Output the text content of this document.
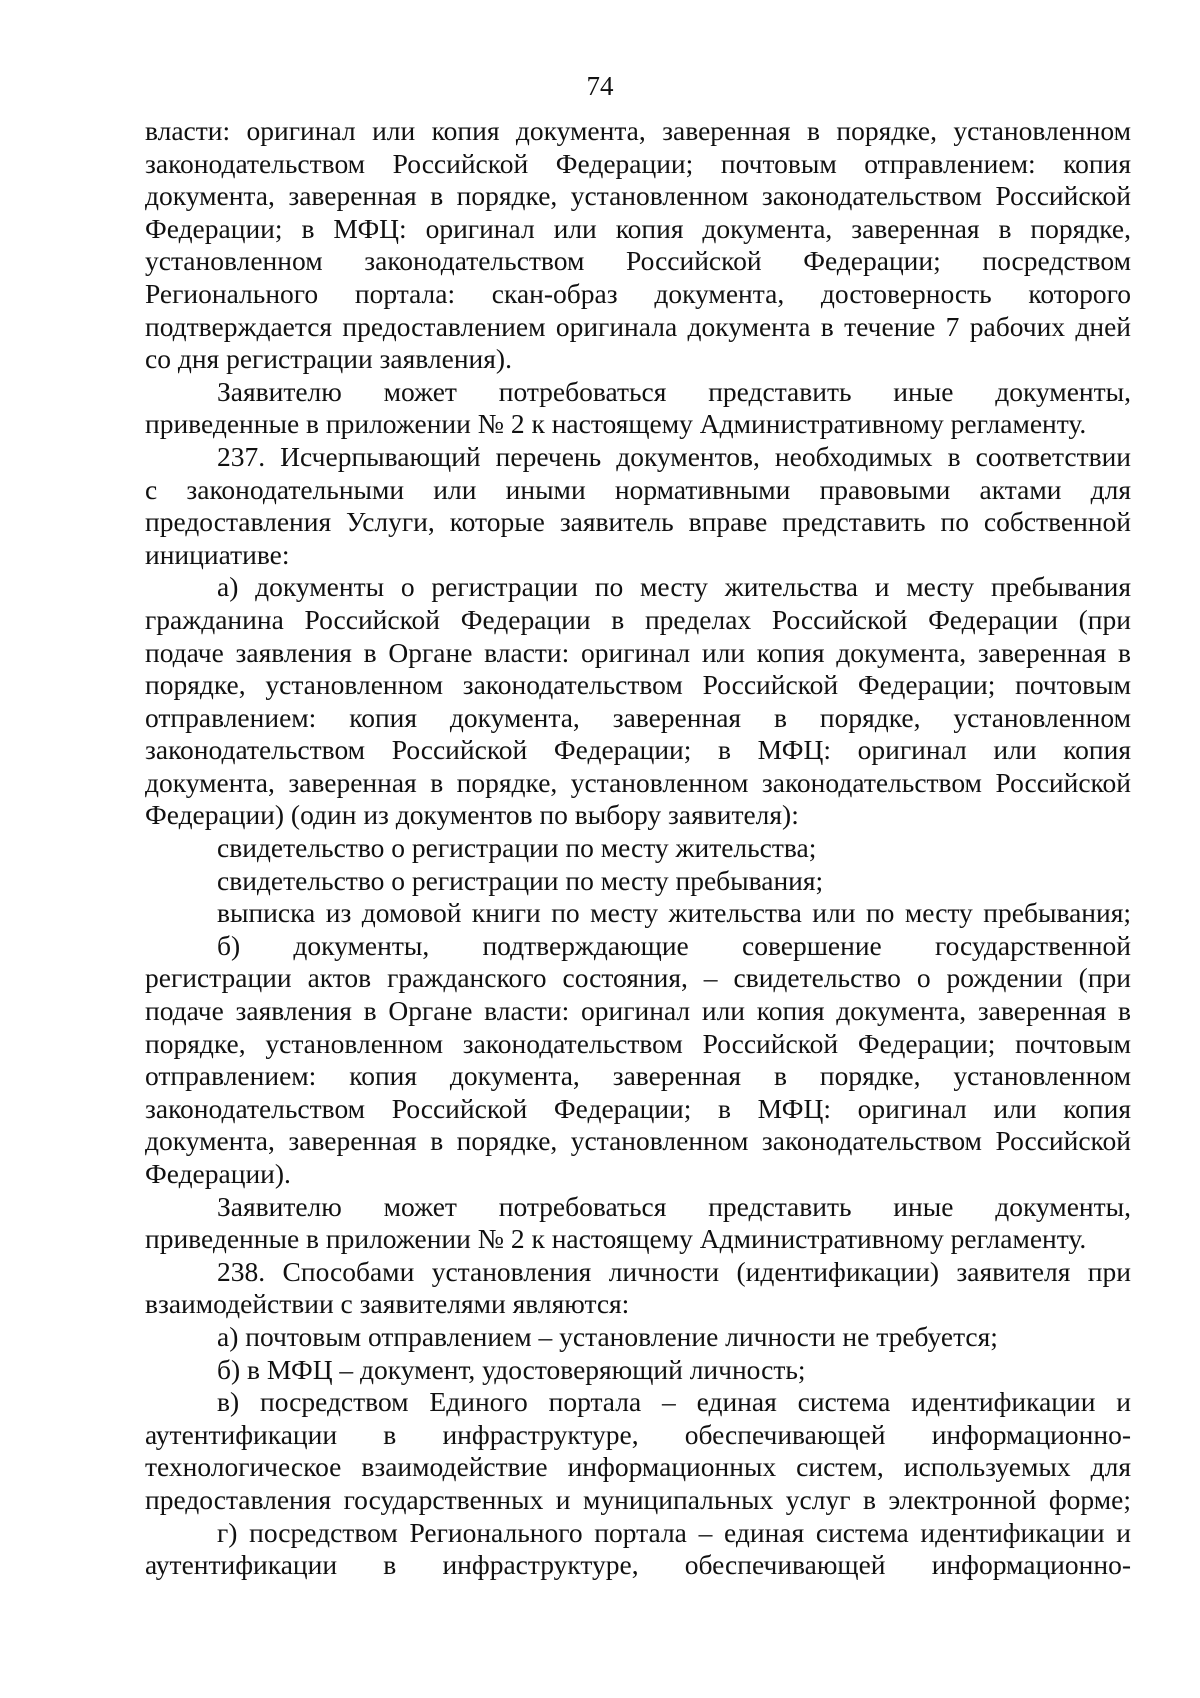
74

власти: оригинал или копия документа, заверенная в порядке, установленном

законодательством Российской Федерации; почтовым отправлением: копия

документа, заверенная в порядке, установленном законодательством Российской

Федерации; в МФЦ: оригинал или копия документа, заверенная в порядке,

установленном законодательством Российской Федерации; посредством

Регионального портала: скан-образ документа, достоверность которого

подтверждается предоставлением оригинала документа в течение 7 рабочих дней

со дня регистрации заявления).

Заявителю может потребоваться представить иные документы,

приведенные в приложении № 2 к настоящему Административному регламенту.

237. Исчерпывающий перечень документов, необходимых в соответствии

с законодательными или иными нормативными правовыми актами для

предоставления Услуги, которые заявитель вправе представить по собственной

инициативе:

а) документы о регистрации по месту жительства и месту пребывания

гражданина Российской Федерации в пределах Российской Федерации (при

подаче заявления в Органе власти: оригинал или копия документа, заверенная в

порядке, установленном законодательством Российской Федерации; почтовым

отправлением: копия документа, заверенная в порядке, установленном

законодательством Российской Федерации; в МФЦ: оригинал или копия

документа, заверенная в порядке, установленном законодательством Российской

Федерации) (один из документов по выбору заявителя):

свидетельство о регистрации по месту жительства;

свидетельство о регистрации по месту пребывания;

выписка из домовой книги по месту жительства или по месту пребывания;

б) документы, подтверждающие совершение государственной

регистрации актов гражданского состояния, – свидетельство о рождении (при

подаче заявления в Органе власти: оригинал или копия документа, заверенная в

порядке, установленном законодательством Российской Федерации; почтовым

отправлением: копия документа, заверенная в порядке, установленном

законодательством Российской Федерации; в МФЦ: оригинал или копия

документа, заверенная в порядке, установленном законодательством Российской

Федерации).

Заявителю может потребоваться представить иные документы,

приведенные в приложении № 2 к настоящему Административному регламенту.

238. Способами установления личности (идентификации) заявителя при

взаимодействии с заявителями являются:

а) почтовым отправлением – установление личности не требуется;

б) в МФЦ – документ, удостоверяющий личность;

в) посредством Единого портала – единая система идентификации и

аутентификации в инфраструктуре, обеспечивающей информационно-

технологическое взаимодействие информационных систем, используемых для

предоставления государственных и муниципальных услуг в электронной форме;

г) посредством Регионального портала – единая система идентификации и

аутентификации в инфраструктуре, обеспечивающей информационно-
